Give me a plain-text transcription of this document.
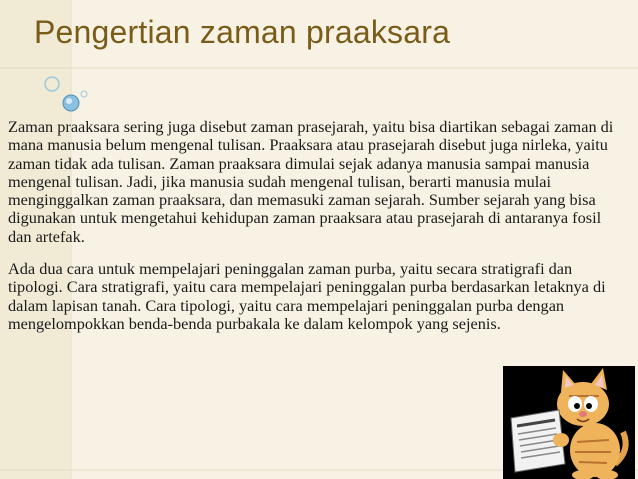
Pengertian zaman praaksara

Zaman praaksara sering juga disebut zaman prasejarah, yaitu bisa diartikan sebagai zaman di mana manusia belum mengenal tulisan. Praaksara atau prasejarah disebut juga nirleka, yaitu zaman tidak ada tulisan. Zaman praaksara dimulai sejak adanya manusia sampai manusia mengenal tulisan. Jadi, jika manusia sudah mengenal tulisan, berarti manusia mulai menginggalkan zaman praaksara, dan memasuki zaman sejarah. Sumber sejarah yang bisa digunakan untuk mengetahui kehidupan zaman praaksara atau prasejarah di antaranya fosil dan artefak.

Ada dua cara untuk mempelajari peninggalan zaman purba, yaitu secara stratigrafi dan tipologi. Cara stratigrafi, yaitu cara mempelajari peninggalan purba berdasarkan letaknya di dalam lapisan tanah. Cara tipologi, yaitu cara mempelajari peninggalan purba dengan mengelompokkan benda-benda purbakala ke dalam kelompok yang sejenis.
